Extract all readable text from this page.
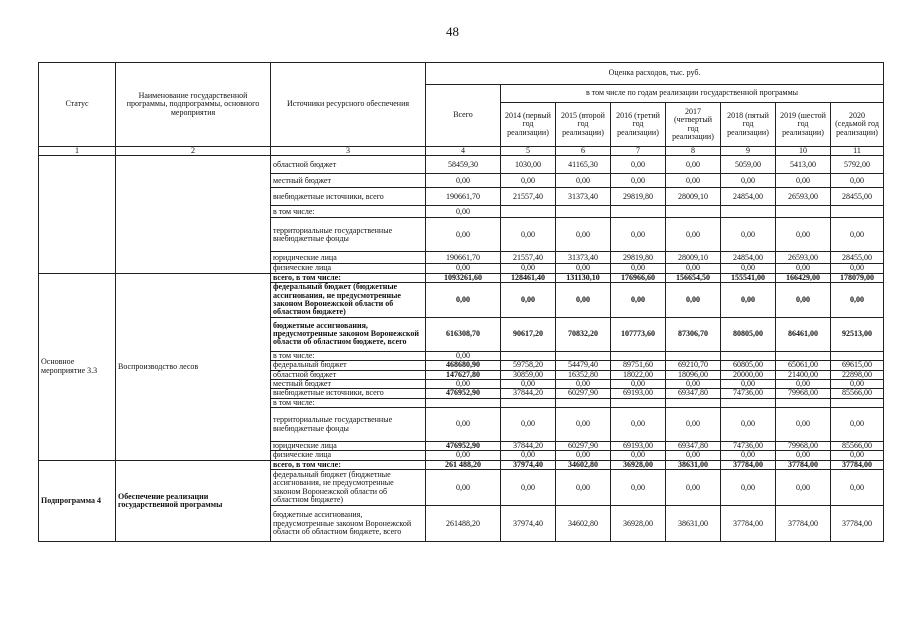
48
Статус	Наименование государственной программы, подпрограммы, основного мероприятия	Источники ресурсного обеспечения	Оценка расходов, тыс. руб.							
			Всего	в том числе по годам реализации государственной программы						
				2014 (первый год реализации)	2015 (второй год реализации)	2016 (третий год реализации)	2017 (четвертый год реализации)	2018 (пятый год реализации)	2019 (шестой год реализации)	2020 (седьмой год реализации)
1	2	3	4	5	6	7	8	9	10	11
		областной бюджет	58459,30	1030,00	41165,30	0,00	0,00	5059,00	5413,00	5792,00
		местный бюджет	0,00	0,00	0,00	0,00	0,00	0,00	0,00	0,00
		внебюджетные источники, всего	190661,70	21557,40	31373,40	29819,80	28009,10	24854,00	26593,00	28455,00
		в том числе:	0,00							
		территориальные государственные внебюджетные фонды	0,00	0,00	0,00	0,00	0,00	0,00	0,00	0,00
		юридические лица	190661,70	21557,40	31373,40	29819,80	28009,10	24854,00	26593,00	28455,00
		физические лица	0,00	0,00	0,00	0,00	0,00	0,00	0,00	0,00
Основное мероприятие 3.3	Воспроизводство лесов	всего, в том числе:	1093261,60	128461,40	131130,10	176966,60	156654,50	155541,00	166429,00	178079,00
		федеральный бюджет (бюджетные ассигнования, не предусмотренные законом Воронежской области об областном бюджете)	0,00	0,00	0,00	0,00	0,00	0,00	0,00	0,00
		бюджетные ассигнования, предусмотренные законом Воронежской области об областном бюджете, всего	616308,70	90617,20	70832,20	107773,60	87306,70	80805,00	86461,00	92513,00
		в том числе:	0,00							
		федеральный бюджет	468680,90	59758,20	54479,40	89751,60	69210,70	60805,00	65061,00	69615,00
		областной бюджет	147627,80	30859,00	16352,80	18022,00	18096,00	20000,00	21400,00	22898,00
		местный бюджет	0,00	0,00	0,00	0,00	0,00	0,00	0,00	0,00
		внебюджетные источники, всего	476952,90	37844,20	60297,90	69193,00	69347,80	74736,00	79968,00	85566,00
		в том числе:								
		территориальные государственные внебюджетные фонды	0,00	0,00	0,00	0,00	0,00	0,00	0,00	0,00
		юридические лица	476952,90	37844,20	60297,90	69193,00	69347,80	74736,00	79968,00	85566,00
		физические лица	0,00	0,00	0,00	0,00	0,00	0,00	0,00	0,00
Подпрограмма 4	Обеспечение реализации государственной программы	всего, в том числе:	261 488,20	37974,40	34602,80	36928,00	38631,00	37784,00	37784,00	37784,00
		федеральный бюджет (бюджетные ассигнования, не предусмотренные законом Воронежской области об областном бюджете)	0,00	0,00	0,00	0,00	0,00	0,00	0,00	0,00
		бюджетные ассигнования, предусмотренные законом Воронежской области об областном бюджете, всего	261488,20	37974,40	34602,80	36928,00	38631,00	37784,00	37784,00	37784,00
